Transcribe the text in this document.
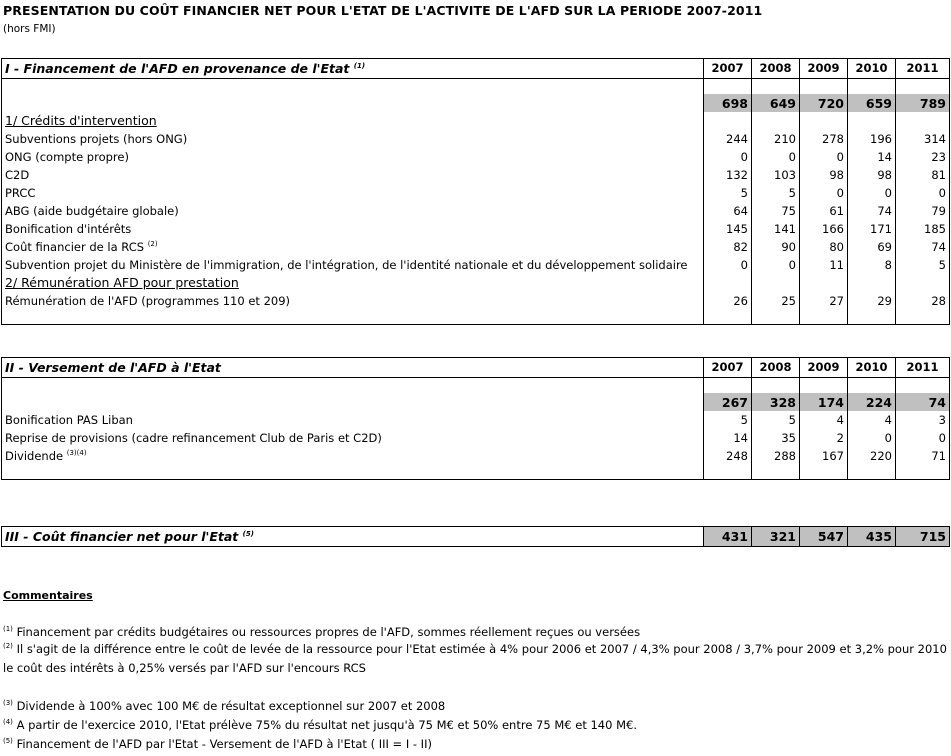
PRESENTATION DU COÛT FINANCIER NET POUR L'ETAT DE L'ACTIVITE DE L'AFD SUR LA PERIODE 2007-2011
(hors FMI)
I - Financement de l'AFD en provenance de l'Etat $^{(1)}$	2007	2008	2009	2010	2011

	698	649	720	659	789
1/ Crédits d'intervention					
Subventions projets (hors ONG)	244	210	278	196	314
ONG (compte propre)	0	0	0	14	23
C2D	132	103	98	98	81
PRCC	5	5	0	0	0
ABG (aide budgétaire globale)	64	75	61	74	79
Bonification d'intérêts	145	141	166	171	185
Coût financier de la RCS $^{(2)}$	82	90	80	69	74
Subvention projet du Ministère de l'immigration, de l'intégration, de l'identité nationale et du développement solidaire	0	0	11	8	5
2/ Rémunération AFD pour prestation					
Rémunération de l'AFD (programmes 110 et 209)	26	25	27	29	28

II - Versement de l'AFD à l'Etat	2007	2008	2009	2010	2011

	267	328	174	224	74
Bonification PAS Liban	5	5	4	4	3
Reprise de provisions (cadre refinancement Club de Paris et C2D)	14	35	2	0	0
Dividende $^{(3)(4)}$	248	288	167	220	71

III - Coût financier net pour l'Etat $^{(5)}$	431	321	547	435	715
Commentaires
$^{(1)}$ Financement par crédits budgétaires ou ressources propres de l'AFD, sommes réellement reçues ou versées
$^{(2)}$ Il s'agit de la différence entre le coût de levée de la ressource pour l'Etat estimée à 4% pour 2006 et 2007 / 4,3% pour 2008 / 3,7% pour 2009 et 3,2% pour 2010
le coût des intérêts à 0,25% versés par l'AFD sur l'encours RCS
$^{(3)}$ Dividende à 100% avec 100 M€ de résultat exceptionnel sur 2007 et 2008
$^{(4)}$ A partir de l'exercice 2010, l'Etat prélève 75% du résultat net jusqu'à 75 M€ et 50% entre 75 M€ et 140 M€.
$^{(5)}$ Financement de l'AFD par l'Etat - Versement de l'AFD à l'Etat ( III = I - II)
